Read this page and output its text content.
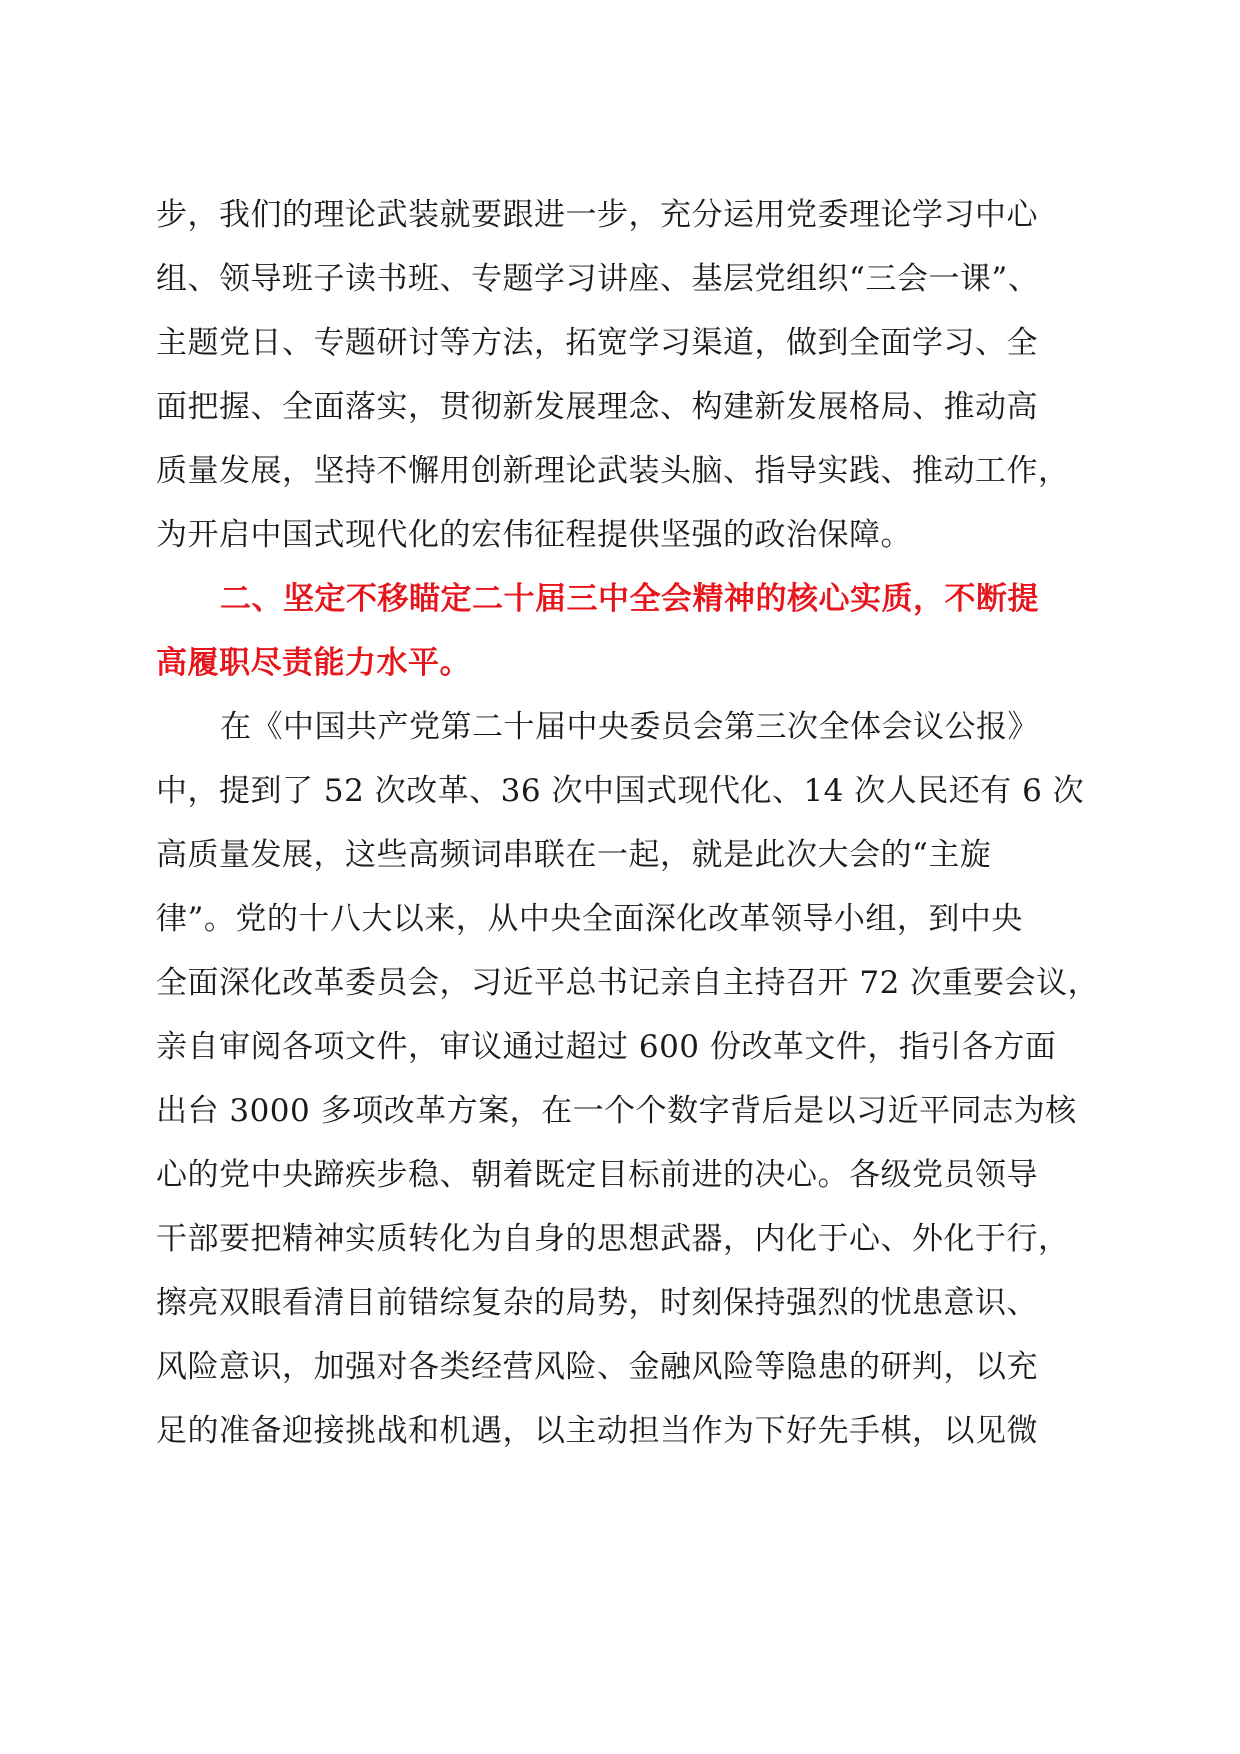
步，我们的理论武装就要跟进一步，充分运用党委理论学习中心
组、领导班子读书班、专题学习讲座、基层党组织“三会一课”、
主题党日、专题研讨等方法，拓宽学习渠道，做到全面学习、全
面把握、全面落实，贯彻新发展理念、构建新发展格局、推动高
质量发展，坚持不懈用创新理论武装头脑、指导实践、推动工作，
为开启中国式现代化的宏伟征程提供坚强的政治保障。
二、坚定不移瞄定二十届三中全会精神的核心实质，不断提
高履职尽责能力水平。
在《中国共产党第二十届中央委员会第三次全体会议公报》
中，提到了 52 次改革、36 次中国式现代化、14 次人民还有 6 次
高质量发展，这些高频词串联在一起，就是此次大会的“主旋
律”。党的十八大以来，从中央全面深化改革领导小组，到中央
全面深化改革委员会，习近平总书记亲自主持召开 72 次重要会议，
亲自审阅各项文件，审议通过超过 600 份改革文件，指引各方面
出台 3000 多项改革方案，在一个个数字背后是以习近平同志为核
心的党中央蹄疾步稳、朝着既定目标前进的决心。各级党员领导
干部要把精神实质转化为自身的思想武器，内化于心、外化于行，
擦亮双眼看清目前错综复杂的局势，时刻保持强烈的忧患意识、
风险意识，加强对各类经营风险、金融风险等隐患的研判，以充
足的准备迎接挑战和机遇，以主动担当作为下好先手棋，以见微
